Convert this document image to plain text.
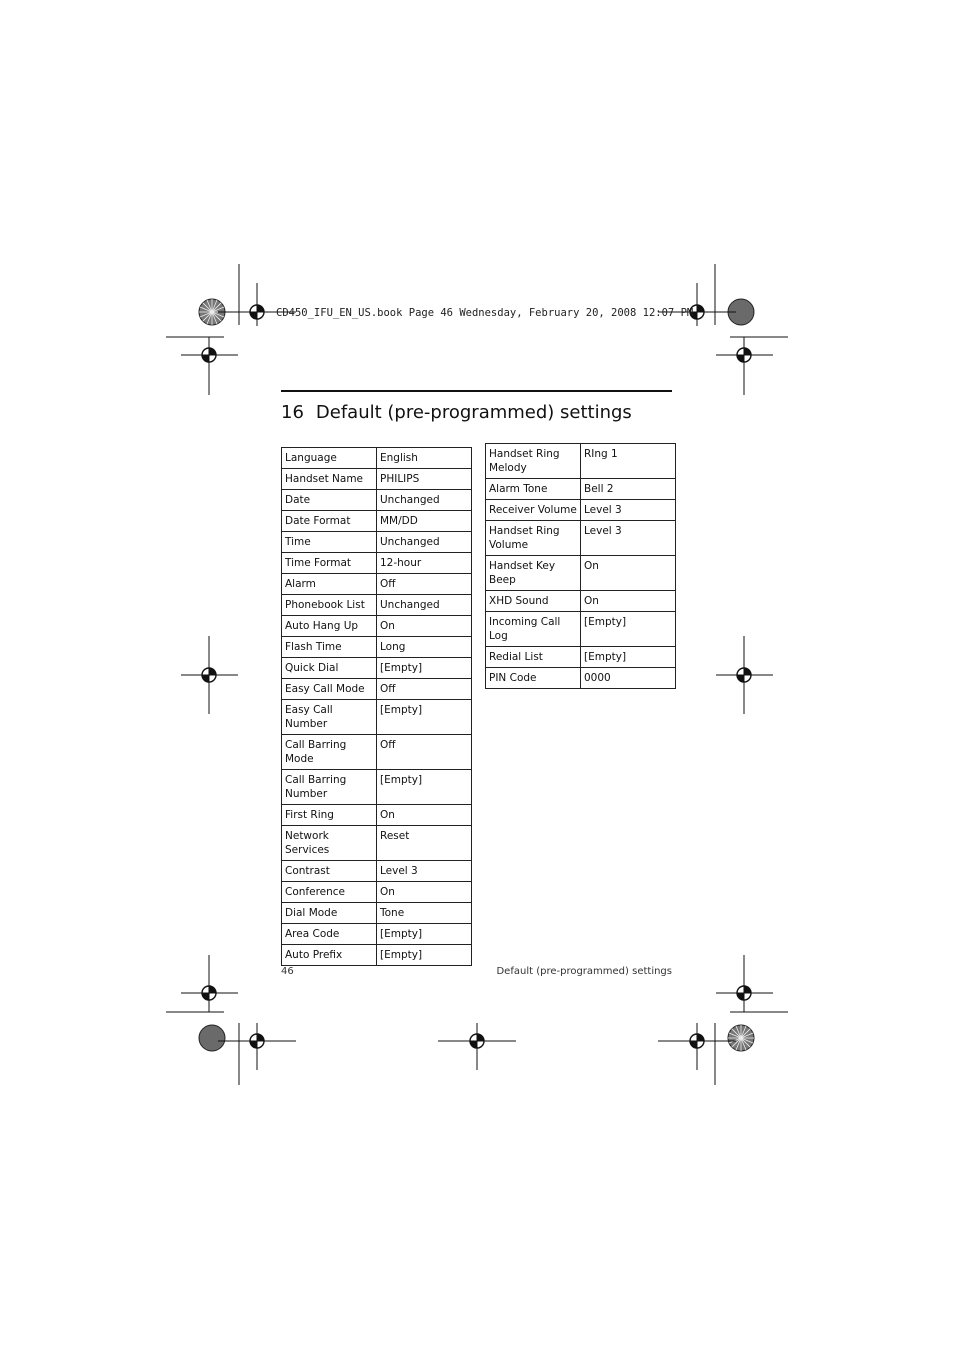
CD450_IFU_EN_US.book Page 46 Wednesday, February 20, 2008 12:07 PM
16 Default (pre-programmed) settings
Language	English
Handset Name	PHILIPS
Date	Unchanged
Date Format	MM/DD
Time	Unchanged
Time Format	12-hour
Alarm	Off
Phonebook List	Unchanged
Auto Hang Up	On
Flash Time	Long
Quick Dial	[Empty]
Easy Call Mode	Off
Easy Call Number	[Empty]
Call Barring Mode	Off
Call Barring Number	[Empty]
First Ring	On
Network Services	Reset
Contrast	Level 3
Conference	On
Dial Mode	Tone
Area Code	[Empty]
Auto Prefix	[Empty]
Handset Ring Melody	RIng 1
Alarm Tone	Bell 2
Receiver Volume	Level 3
Handset Ring Volume	Level 3
Handset Key Beep	On
XHD Sound	On
Incoming Call Log	[Empty]
Redial List	[Empty]
PIN Code	0000
46	Default (pre-programmed) settings
